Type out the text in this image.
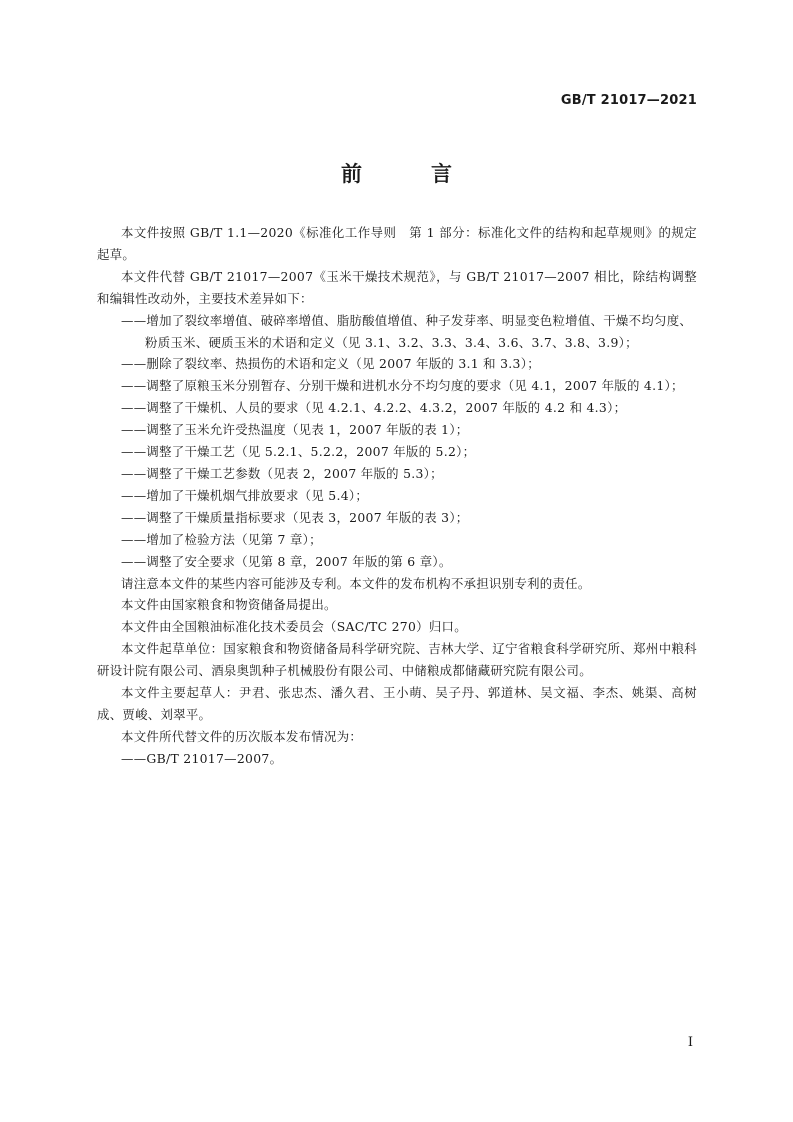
GB/T 21017—2021
前　言

本文件按照 GB/T 1.1—2020《标准化工作导则　第 1 部分：标准化文件的结构和起草规则》的规定起草。

本文件代替 GB/T 21017—2007《玉米干燥技术规范》，与 GB/T 21017—2007 相比，除结构调整和编辑性改动外，主要技术差异如下：

——增加了裂纹率增值、破碎率增值、脂肪酸值增值、种子发芽率、明显变色粒增值、干燥不均匀度、粉质玉米、硬质玉米的术语和定义（见 3.1、3.2、3.3、3.4、3.6、3.7、3.8、3.9）；

——删除了裂纹率、热损伤的术语和定义（见 2007 年版的 3.1 和 3.3）；

——调整了原粮玉米分别暂存、分别干燥和进机水分不均匀度的要求（见 4.1，2007 年版的 4.1）；

——调整了干燥机、人员的要求（见 4.2.1、4.2.2、4.3.2，2007 年版的 4.2 和 4.3）；

——调整了玉米允许受热温度（见表 1，2007 年版的表 1）；

——调整了干燥工艺（见 5.2.1、5.2.2，2007 年版的 5.2）；

——调整了干燥工艺参数（见表 2，2007 年版的 5.3）；

——增加了干燥机烟气排放要求（见 5.4）；

——调整了干燥质量指标要求（见表 3，2007 年版的表 3）；

——增加了检验方法（见第 7 章）；

——调整了安全要求（见第 8 章，2007 年版的第 6 章）。

请注意本文件的某些内容可能涉及专利。本文件的发布机构不承担识别专利的责任。

本文件由国家粮食和物资储备局提出。

本文件由全国粮油标准化技术委员会（SAC/TC 270）归口。

本文件起草单位：国家粮食和物资储备局科学研究院、吉林大学、辽宁省粮食科学研究所、郑州中粮科研设计院有限公司、酒泉奥凯种子机械股份有限公司、中储粮成都储藏研究院有限公司。

本文件主要起草人：尹君、张忠杰、潘久君、王小萌、吴子丹、郭道林、吴文福、李杰、姚渠、高树成、贾峻、刘翠平。

本文件所代替文件的历次版本发布情况为：

——GB/T 21017—2007。

I
